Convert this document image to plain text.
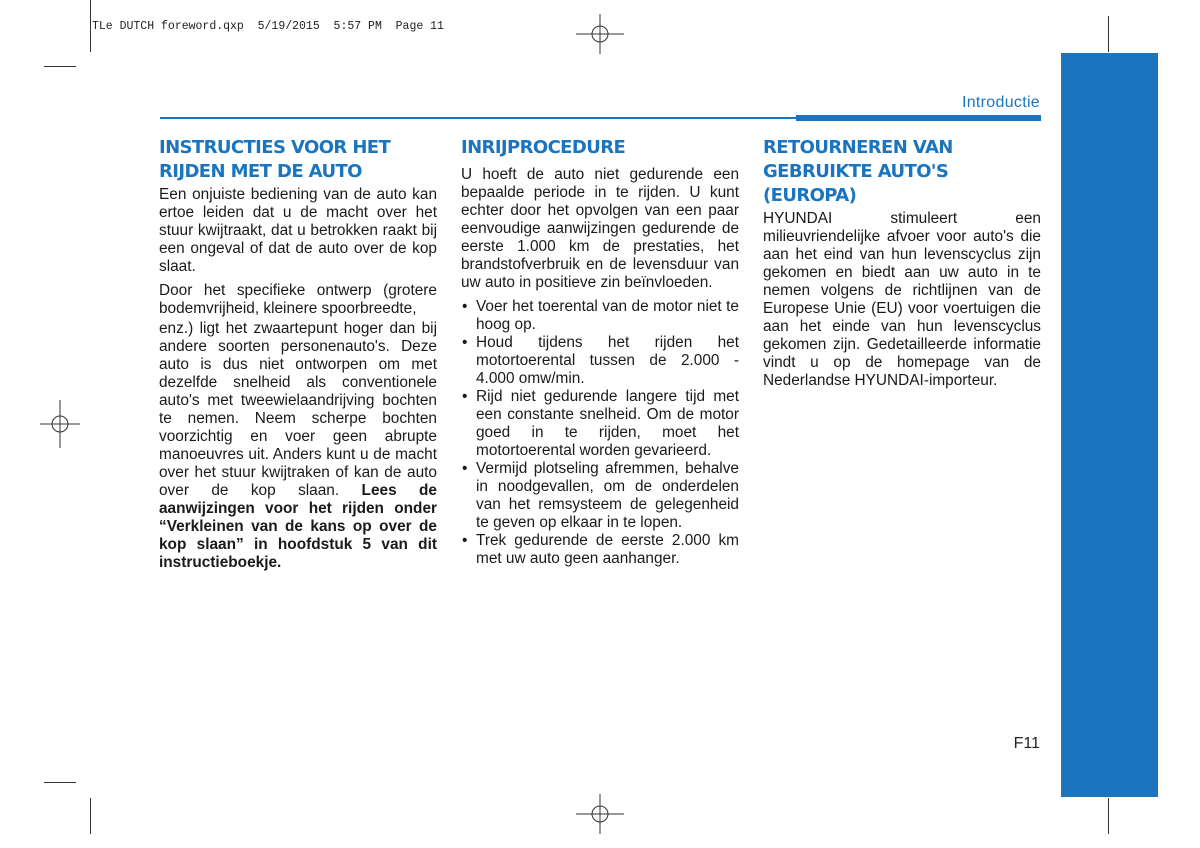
TLe DUTCH foreword.qxp  5/19/2015  5:57 PM  Page 11
Introductie
INSTRUCTIES VOOR HET
RIJDEN MET DE AUTO

Een onjuiste bediening van de auto kan ertoe leiden dat u de macht over het stuur kwijtraakt, dat u betrokken raakt bij een ongeval of dat de auto over de kop slaat.

Door het specifieke ontwerp (grotere bodemvrijheid, kleinere spoorbreedte,

enz.) ligt het zwaartepunt hoger dan bij andere soorten personenauto's. Deze auto is dus niet ontworpen om met dezelfde snelheid als conventionele auto's met tweewielaandrijving bochten te nemen. Neem scherpe bochten voorzichtig en voer geen abrupte manoeuvres uit. Anders kunt u de macht over het stuur kwijtraken of kan de auto over de kop slaan. Lees de aanwijzingen voor het rijden onder “Verkleinen van de kans op over de kop slaan” in hoofdstuk 5 van dit instructieboekje.

INRIJPROCEDURE

U hoeft de auto niet gedurende een bepaalde periode in te rijden. U kunt echter door het opvolgen van een paar eenvoudige aanwijzingen gedurende de eerste 1.000 km de prestaties, het brandstofverbruik en de levensduur van uw auto in positieve zin beïnvloeden.

• Voer het toerental van de motor niet te hoog op.
• Houd tijdens het rijden het motortoerental tussen de 2.000 - 4.000 omw/min.
• Rijd niet gedurende langere tijd met een constante snelheid. Om de motor goed in te rijden, moet het motortoerental worden gevarieerd.
• Vermijd plotseling afremmen, behalve in noodgevallen, om de onderdelen van het remsysteem de gelegenheid te geven op elkaar in te lopen.
• Trek gedurende de eerste 2.000 km met uw auto geen aanhanger.
RETOURNEREN VAN
GEBRUIKTE AUTO'S (EUROPA)

HYUNDAI stimuleert een milieuvriendelijke afvoer voor auto's die aan het eind van hun levenscyclus zijn gekomen en biedt aan uw auto in te nemen volgens de richtlijnen van de Europese Unie (EU) voor voertuigen die aan het einde van hun levenscyclus gekomen zijn. Gedetailleerde informatie vindt u op de homepage van de Nederlandse HYUNDAI-importeur.

F11
